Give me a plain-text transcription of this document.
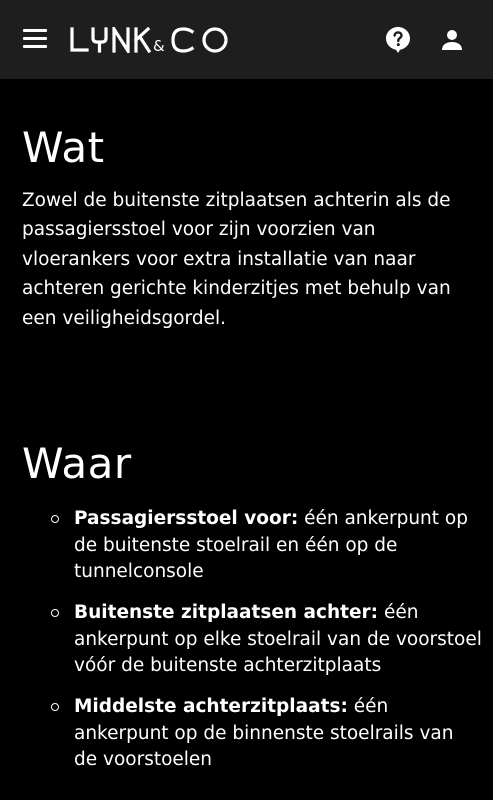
&
Wat

Zowel de buitenste zitplaatsen achterin als de passagiersstoel voor zijn voorzien van vloerankers voor extra installatie van naar achteren gerichte kinderzitjes met behulp van een veiligheidsgordel.

Waar
Passagiersstoel voor: één ankerpunt op de buitenste stoelrail en één op de tunnelconsole
Buitenste zitplaatsen achter: één ankerpunt op elke stoelrail van de voorstoel vóór de buitenste achterzitplaats
Middelste achterzitplaats: één ankerpunt op de binnenste stoelrails van de voorstoelen
